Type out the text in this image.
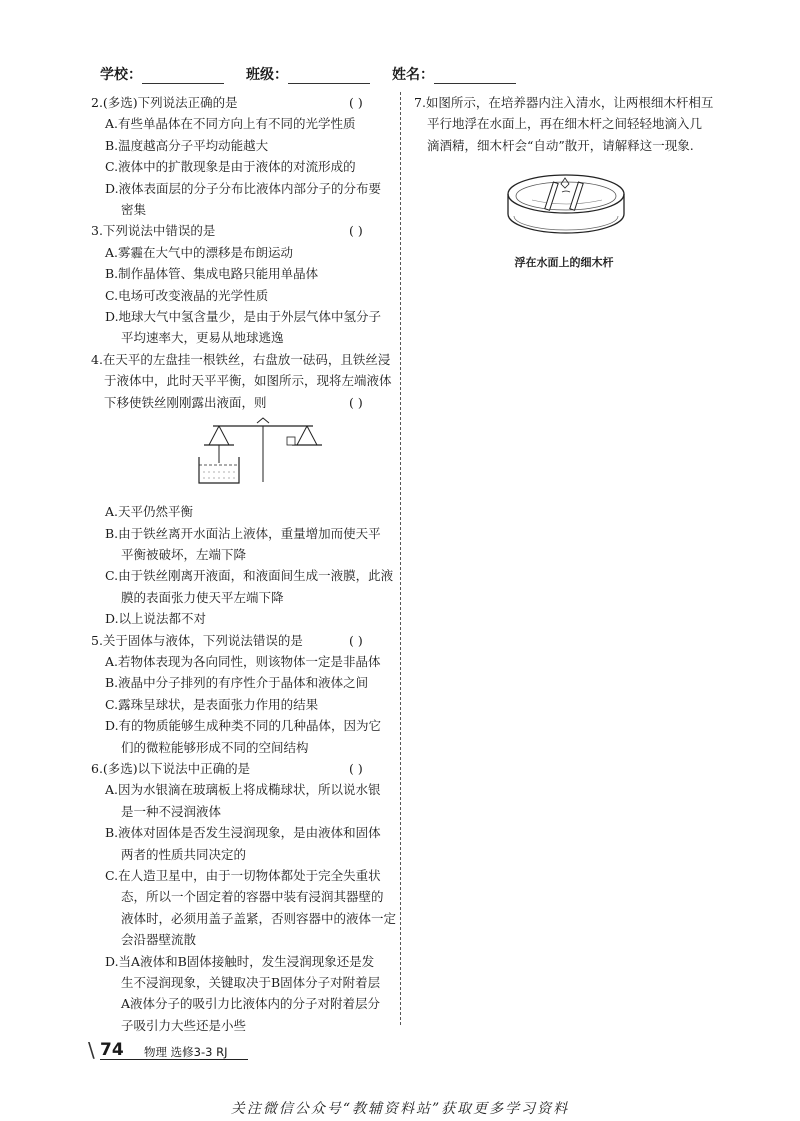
学校：	班级：	姓名：
2.(多选)下列说法正确的是	( )
A.有些单晶体在不同方向上有不同的光学性质
B.温度越高分子平均动能越大
C.液体中的扩散现象是由于液体的对流形成的
D.液体表面层的分子分布比液体内部分子的分布要
密集
3.下列说法中错误的是	( )
A.雾霾在大气中的漂移是布朗运动
B.制作晶体管、集成电路只能用单晶体
C.电场可改变液晶的光学性质
D.地球大气中氢含量少，是由于外层气体中氢分子
平均速率大，更易从地球逃逸
4.在天平的左盘挂一根铁丝，右盘放一砝码，且铁丝浸
于液体中，此时天平平衡，如图所示，现将左端液体
下移使铁丝刚刚露出液面，则	( )
A.天平仍然平衡
B.由于铁丝离开水面沾上液体，重量增加而使天平
平衡被破坏，左端下降
C.由于铁丝刚离开液面，和液面间生成一液膜，此液
膜的表面张力使天平左端下降
D.以上说法都不对
5.关于固体与液体，下列说法错误的是	( )
A.若物体表现为各向同性，则该物体一定是非晶体
B.液晶中分子排列的有序性介于晶体和液体之间
C.露珠呈球状，是表面张力作用的结果
D.有的物质能够生成种类不同的几种晶体，因为它
们的微粒能够形成不同的空间结构
6.(多选)以下说法中正确的是	( )
A.因为水银滴在玻璃板上将成椭球状，所以说水银
是一种不浸润液体
B.液体对固体是否发生浸润现象，是由液体和固体
两者的性质共同决定的
C.在人造卫星中，由于一切物体都处于完全失重状
态，所以一个固定着的容器中装有浸润其器壁的
液体时，必须用盖子盖紧，否则容器中的液体一定
会沿器壁流散
D.当A液体和B固体接触时，发生浸润现象还是发
生不浸润现象，关键取决于B固体分子对附着层
A液体分子的吸引力比液体内的分子对附着层分
子吸引力大些还是小些
7.如图所示，在培养器内注入清水，让两根细木杆相互
平行地浮在水面上，再在细木杆之间轻轻地滴入几
滴酒精，细木杆会“自动”散开，请解释这一现象.
浮在水面上的细木杆
\ 74 物理 选修3-3 RJ
关注微信公众号“教辅资料站”获取更多学习资料
